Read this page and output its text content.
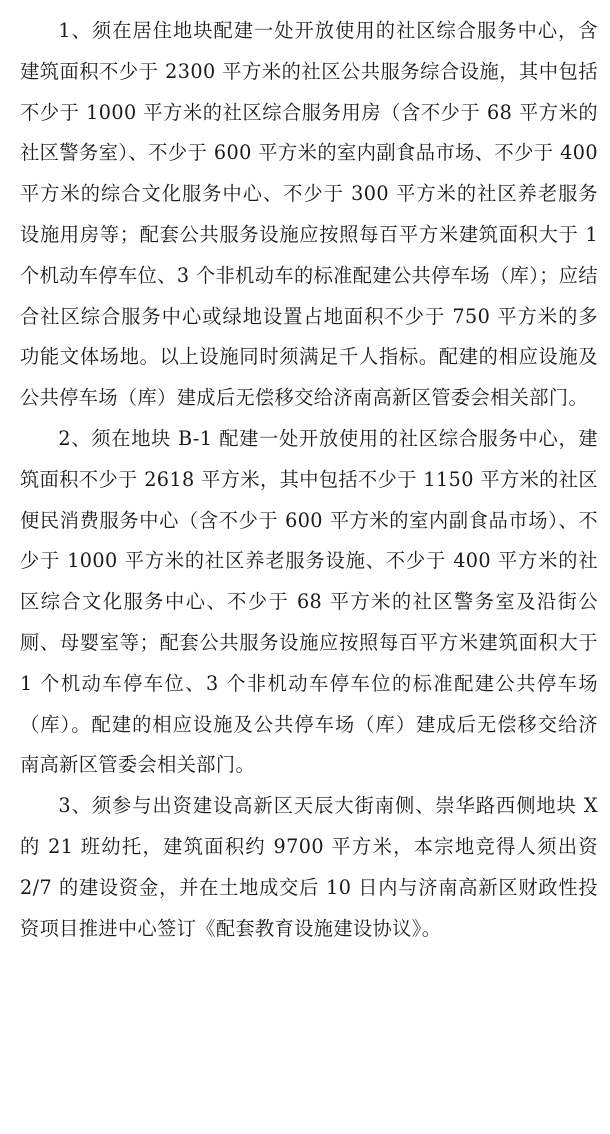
1、须在居住地块配建一处开放使用的社区综合服务中心，含建筑面积不少于 2300 平方米的社区公共服务综合设施，其中包括不少于 1000 平方米的社区综合服务用房（含不少于 68 平方米的社区警务室）、不少于 600 平方米的室内副食品市场、不少于 400 平方米的综合文化服务中心、不少于 300 平方米的社区养老服务设施用房等；配套公共服务设施应按照每百平方米建筑面积大于 1 个机动车停车位、3 个非机动车的标准配建公共停车场（库）；应结合社区综合服务中心或绿地设置占地面积不少于 750 平方米的多功能文体场地。以上设施同时须满足千人指标。配建的相应设施及公共停车场（库）建成后无偿移交给济南高新区管委会相关部门。

2、须在地块 B-1 配建一处开放使用的社区综合服务中心，建筑面积不少于 2618 平方米，其中包括不少于 1150 平方米的社区便民消费服务中心（含不少于 600 平方米的室内副食品市场）、不少于 1000 平方米的社区养老服务设施、不少于 400 平方米的社区综合文化服务中心、不少于 68 平方米的社区警务室及沿街公厕、母婴室等；配套公共服务设施应按照每百平方米建筑面积大于 1 个机动车停车位、3 个非机动车停车位的标准配建公共停车场（库）。配建的相应设施及公共停车场（库）建成后无偿移交给济南高新区管委会相关部门。

3、须参与出资建设高新区天辰大街南侧、崇华路西侧地块 X 的 21 班幼托，建筑面积约 9700 平方米，本宗地竞得人须出资 2/7 的建设资金，并在土地成交后 10 日内与济南高新区财政性投资项目推进中心签订《配套教育设施建设协议》。
